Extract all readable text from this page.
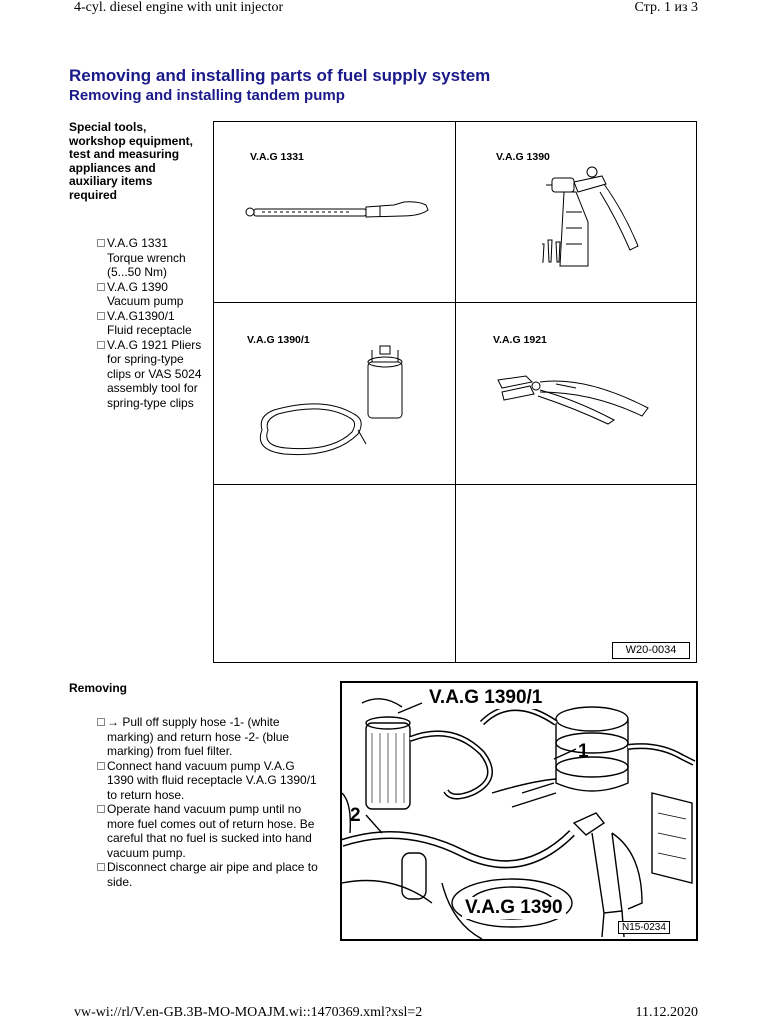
4-cyl. diesel engine with unit injector	Стр. 1 из 3
Removing and installing parts of fuel supply system
Removing and installing tandem pump
Special tools, workshop equipment, test and measuring appliances and auxiliary items required
V.A.G 1331 Torque wrench (5...50 Nm)
V.A.G 1390 Vacuum pump
V.A.G1390/1 Fluid receptacle
V.A.G 1921 Pliers for spring-type clips or VAS 5024 assembly tool for spring-type clips
V.A.G 1331	V.A.G 1390
V.A.G 1390/1	V.A.G 1921
W20-0034
Removing
→ Pull off supply hose -1- (white marking) and return hose -2- (blue marking) from fuel filter.
Connect hand vacuum pump V.A.G 1390 with fluid receptacle V.A.G 1390/1 to return hose.
Operate hand vacuum pump until no more fuel comes out of return hose. Be careful that no fuel is sucked into hand vacuum pump.
Disconnect charge air pipe and place to side.
V.A.G 1390/1
1
2
V.A.G 1390
N15-0234
vw-wi://rl/V.en-GB.3B-MO-MOAJM.wi::1470369.xml?xsl=2	11.12.2020
